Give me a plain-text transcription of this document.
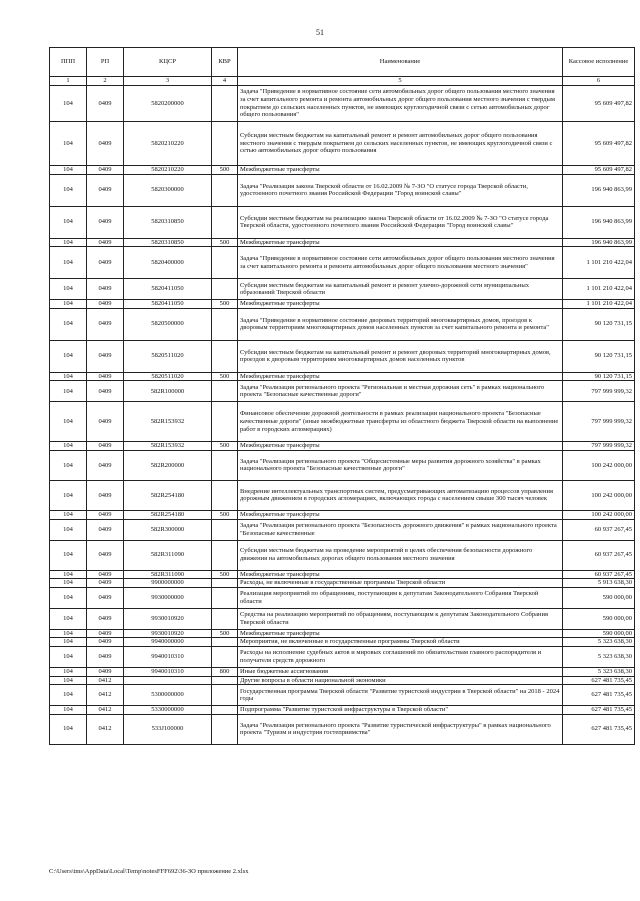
51
ППП	РП	КЦСР	КВР	Наименование	Кассовое исполнение
1	2	3	4	5	6
104	0409	5820200000		Задача "Приведение в нормативное состояние сети автомобильных дорог общего пользования местного значения за счет капитального ремонта и ремонта автомобильных дорог общего пользования местного значения с твердым покрытием до сельских населенных пунктов, не имеющих круглогодичной связи с сетью автомобильных дорог общего пользования"	95 609 497,82
104	0409	5820210220		Субсидии местным бюджетам на капитальный ремонт и ремонт автомобильных дорог общего пользования местного значения с твердым покрытием до сельских населенных пунктов, не имеющих круглогодичной связи с сетью автомобильных дорог общего пользования	95 609 497,82
104	0409	5820210220	500	Межбюджетные трансферты	95 609 497,82
104	0409	5820300000		Задача "Реализация закона Тверской области от 16.02.2009 № 7-ЗО "О статусе города Тверской области, удостоенного почетного звания Российской Федерации "Город воинской славы"	196 940 863,99
104	0409	5820310850		Субсидии местным бюджетам на реализацию закона Тверской области от 16.02.2009 № 7-ЗО "О статусе города Тверской области, удостоенного почетного звания Российской Федерации "Город воинской славы"	196 940 863,99
104	0409	5820310850	500	Межбюджетные трансферты	196 940 863,99
104	0409	5820400000		Задача "Приведение в нормативное состояние сети автомобильных дорог общего пользования местного значения за счет капитального ремонта и ремонта автомобильных дорог общего пользования местного значения"	1 101 210 422,04
104	0409	5820411050		Субсидии местным бюджетам на капитальный ремонт и ремонт улично-дорожной сети муниципальных образований Тверской области	1 101 210 422,04
104	0409	5820411050	500	Межбюджетные трансферты	1 101 210 422,04
104	0409	5820500000		Задача "Приведение в нормативное состояние дворовых территорий многоквартирных домов, проездов к дворовым территориям многоквартирных домов населенных пунктов за счет капитального ремонта и ремонта"	90 120 731,15
104	0409	5820511020		Субсидии местным бюджетам на капитальный ремонт и ремонт дворовых территорий многоквартирных домов, проездов к дворовым территориям многоквартирных домов населенных пунктов	90 120 731,15
104	0409	5820511020	500	Межбюджетные трансферты	90 120 731,15
104	0409	582R100000		Задача "Реализация регионального проекта "Региональная и местная дорожная сеть" в рамках национального проекта "Безопасные качественные дороги"	797 999 999,32
104	0409	582R153932		Финансовое обеспечение дорожной деятельности в рамках реализации национального проекта "Безопасные качественные дороги" (иные межбюджетные трансферты из областного бюджета Тверской области на выполнение работ в городских агломерациях)	797 999 999,32
104	0409	582R153932	500	Межбюджетные трансферты	797 999 999,32
104	0409	582R200000		Задача "Реализация регионального проекта "Общесистемные меры развития дорожного хозяйства" в рамках национального проекта "Безопасные качественные дороги"	100 242 000,00
104	0409	582R254180		Внедрение интеллектуальных транспортных систем, предусматривающих автоматизацию процессов управления дорожным движением в городских агломерациях, включающих города с населением свыше 300 тысяч человек	100 242 000,00
104	0409	582R254180	500	Межбюджетные трансферты	100 242 000,00
104	0409	582R300000		Задача "Реализация регионального проекта "Безопасность дорожного движения" в рамках национального проекта "Безопасные качественные	60 937 267,45
104	0409	582R311090		Субсидии местным бюджетам на проведение мероприятий в целях обеспечения безопасности дорожного движения на автомобильных дорогах общего пользования местного значения	60 937 267,45
104	0409	582R311090	500	Межбюджетные трансферты	60 937 267,45
104	0409	9900000000		Расходы, не включенные в государственные программы Тверской области	5 913 638,30
104	0409	9930000000		Реализация мероприятий по обращениям, поступающим к депутатам Законодательного Собрания Тверской области	590 000,00
104	0409	9930010920		Средства на реализацию мероприятий по обращениям, поступающим к депутатам Законодательного Собрания Тверской области	590 000,00
104	0409	9930010920	500	Межбюджетные трансферты	590 000,00
104	0409	9940000000		Мероприятия, не включенные в государственные программы Тверской области	5 323 638,30
104	0409	9940010310		Расходы на исполнение судебных актов и мировых соглашений по обязательствам главного распорядителя и получателя средств дорожного	5 323 638,30
104	0409	9940010310	800	Иные бюджетные ассигнования	5 323 638,30
104	0412			Другие вопросы в области национальной экономики	627 481 735,45
104	0412	5300000000		Государственная программа Тверской области "Развитие туристской индустрии в Тверской области" на 2018 - 2024 годы	627 481 735,45
104	0412	5330000000		Подпрограмма "Развитие туристской инфраструктуры в Тверской области"	627 481 735,45
104	0412	533J100000		Задача "Реализация регионального проекта "Развитие туристической инфраструктуры" в рамках национального проекта "Туризм и индустрия гостеприимства"	627 481 735,45
C:\Users\tms\AppData\Local\Temp\notesFFF692\36-ЗО приложение 2.xlsx
